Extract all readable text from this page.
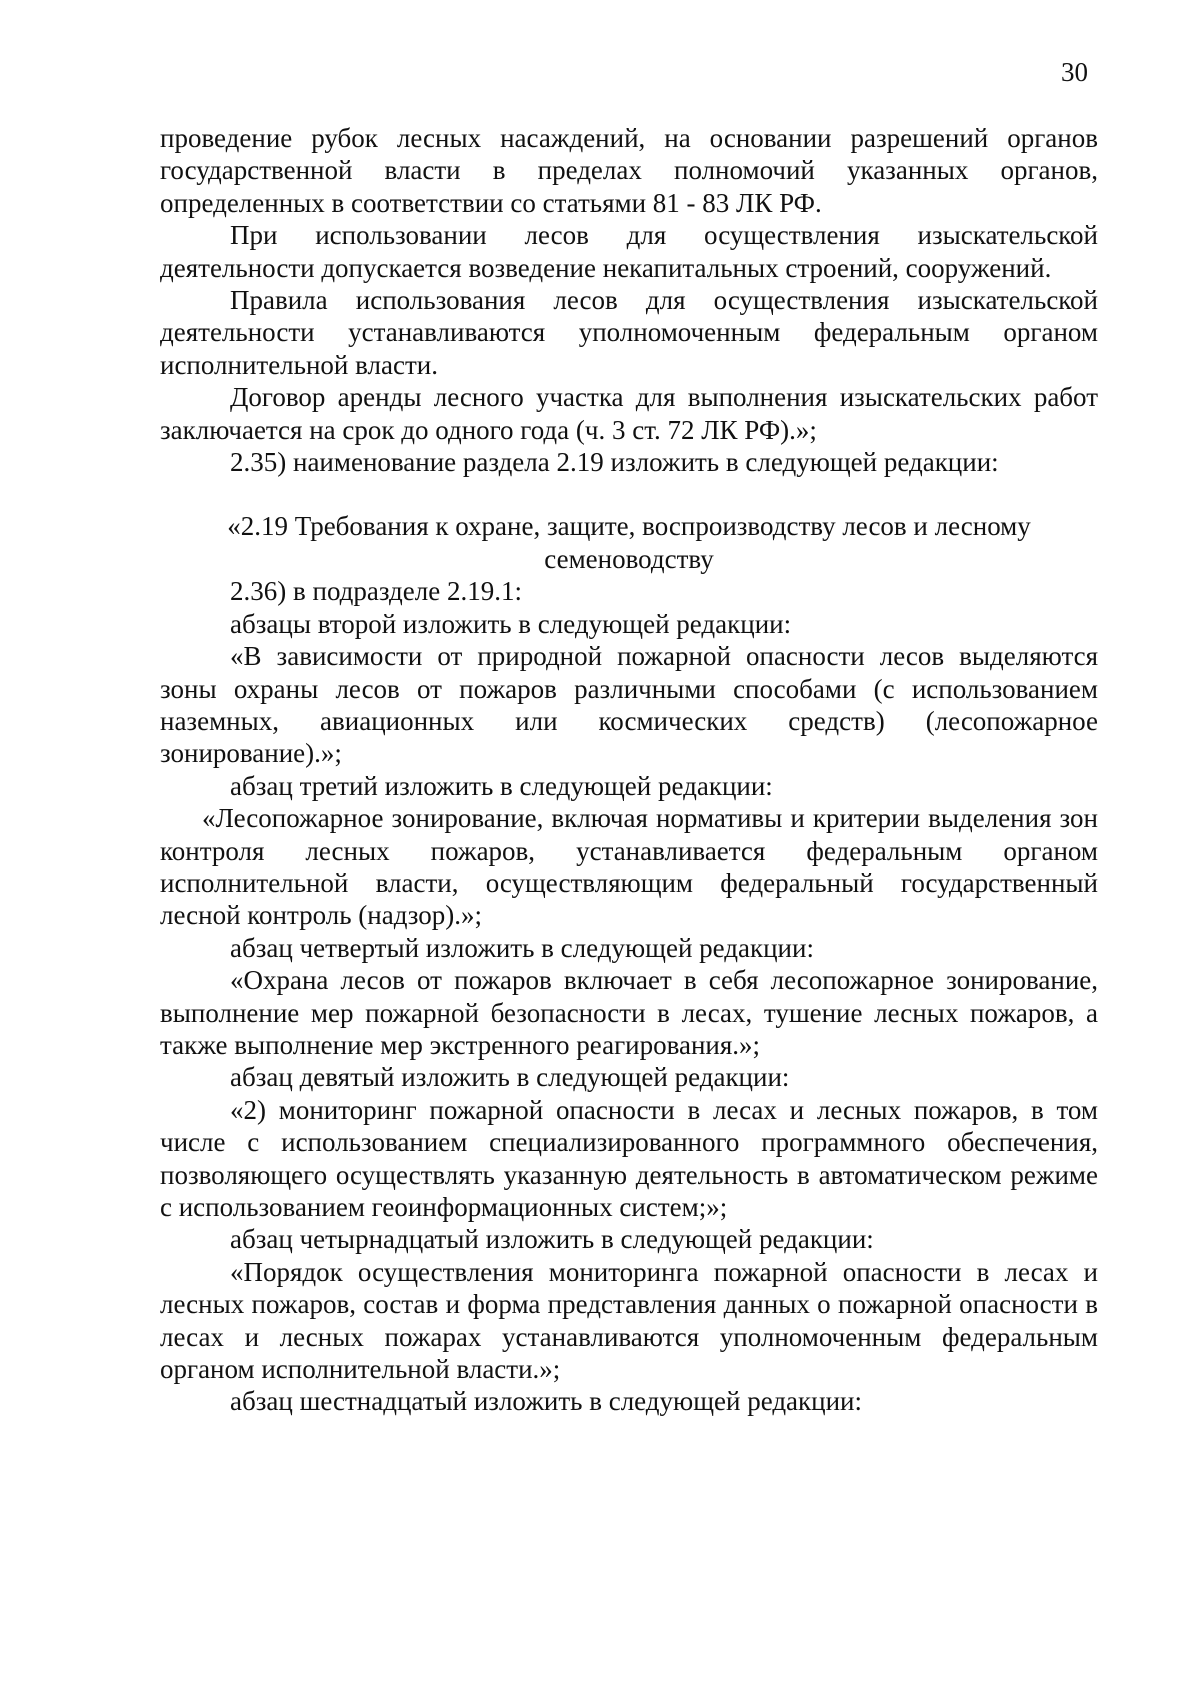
30

проведение рубок лесных насаждений, на основании разрешений органов государственной власти в пределах полномочий указанных органов, определенных в соответствии со статьями 81 - 83 ЛК РФ.

При использовании лесов для осуществления изыскательской деятельности допускается возведение некапитальных строений, сооружений.

Правила использования лесов для осуществления изыскательской деятельности устанавливаются уполномоченным федеральным органом исполнительной власти.

Договор аренды лесного участка для выполнения изыскательских работ заключается на срок до одного года (ч. 3 ст. 72 ЛК РФ).»;

2.35) наименование раздела 2.19 изложить в следующей редакции:

«2.19 Требования к охране, защите, воспроизводству лесов и лесному семеноводству

2.36) в подразделе 2.19.1:

абзацы второй изложить в следующей редакции:

«В зависимости от природной пожарной опасности лесов выделяются зоны охраны лесов от пожаров различными способами (с использованием наземных, авиационных или космических средств) (лесопожарное зонирование).»;

абзац третий изложить в следующей редакции:

«Лесопожарное зонирование, включая нормативы и критерии выделения зон контроля лесных пожаров, устанавливается федеральным органом исполнительной власти, осуществляющим федеральный государственный лесной контроль (надзор).»;

абзац четвертый изложить в следующей редакции:

«Охрана лесов от пожаров включает в себя лесопожарное зонирование, выполнение мер пожарной безопасности в лесах, тушение лесных пожаров, а также выполнение мер экстренного реагирования.»;

абзац девятый изложить в следующей редакции:

«2) мониторинг пожарной опасности в лесах и лесных пожаров, в том числе с использованием специализированного программного обеспечения, позволяющего осуществлять указанную деятельность в автоматическом режиме с использованием геоинформационных систем;»;

абзац четырнадцатый изложить в следующей редакции:

«Порядок осуществления мониторинга пожарной опасности в лесах и лесных пожаров, состав и форма представления данных о пожарной опасности в лесах и лесных пожарах устанавливаются уполномоченным федеральным органом исполнительной власти.»;

абзац шестнадцатый изложить в следующей редакции:
